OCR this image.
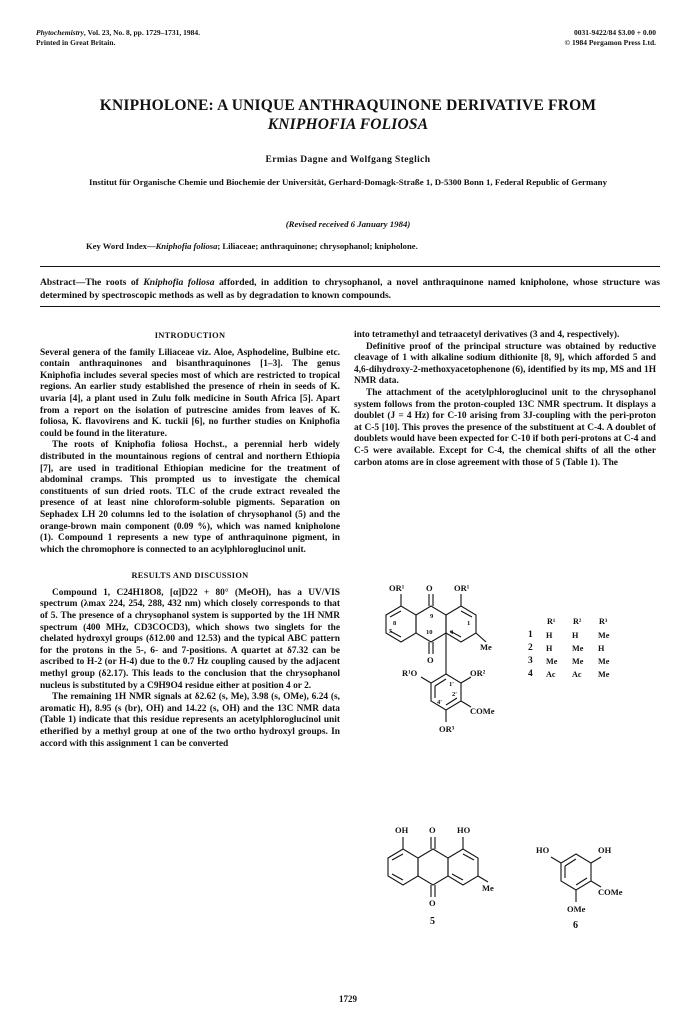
Phytochemistry, Vol. 23, No. 8, pp. 1729–1731, 1984.
Printed in Great Britain.
0031-9422/84 $3.00 + 0.00
© 1984 Pergamon Press Ltd.
KNIPHOLONE: A UNIQUE ANTHRAQUINONE DERIVATIVE FROM
KNIPHOFIA FOLIOSA
Ermias Dagne and Wolfgang Steglich
Institut für Organische Chemie und Biochemie der Universität, Gerhard-Domagk-Straße 1, D-5300 Bonn 1, Federal Republic of Germany
(Revised received 6 January 1984)
Key Word Index—Kniphofia foliosa; Liliaceae; anthraquinone; chrysophanol; knipholone.
Abstract—The roots of Kniphofia foliosa afforded, in addition to chrysophanol, a novel anthraquinone named knipholone, whose structure was determined by spectroscopic methods as well as by degradation to known compounds.
INTRODUCTION

Several genera of the family Liliaceae viz. Aloe, Asphodeline, Bulbine etc. contain anthraquinones and bisanthraquinones [1–3]. The genus Kniphofia includes several species most of which are restricted to tropical regions. An earlier study established the presence of rhein in seeds of K. uvaria [4], a plant used in Zulu folk medicine in South Africa [5]. Apart from a report on the isolation of putrescine amides from leaves of K. foliosa, K. flavovirens and K. tuckii [6], no further studies on Kniphofia could be found in the literature.

The roots of Kniphofia foliosa Hochst., a perennial herb widely distributed in the mountainous regions of central and northern Ethiopia [7], are used in traditional Ethiopian medicine for the treatment of abdominal cramps. This prompted us to investigate the chemical constituents of sun dried roots. TLC of the crude extract revealed the presence of at least nine chloroform-soluble pigments. Separation on Sephadex LH 20 columns led to the isolation of chrysophanol (5) and the orange-brown main component (0.09 %), which was named knipholone (1). Compound 1 represents a new type of anthraquinone pigment, in which the chromophore is connected to an acylphloroglucinol unit.

RESULTS AND DISCUSSION

Compound 1, C24H18O8, [α]D22 + 80° (MeOH), has a UV/VIS spectrum (λmax 224, 254, 288, 432 nm) which closely corresponds to that of 5. The presence of a chrysophanol system is supported by the 1H NMR spectrum (400 MHz, CD3COCD3), which shows two singlets for the chelated hydroxyl groups (δ12.00 and 12.53) and the typical ABC pattern for the protons in the 5-, 6- and 7-positions. A quartet at δ7.32 can be ascribed to H-2 (or H-4) due to the 0.7 Hz coupling caused by the adjacent methyl group (δ2.17). This leads to the conclusion that the chrysophanol nucleus is substituted by a C9H9O4 residue either at position 4 or 2.

The remaining 1H NMR signals at δ2.62 (s, Me), 3.98 (s, OMe), 6.24 (s, aromatic H), 8.95 (s (br), OH) and 14.22 (s, OH) and the 13C NMR data (Table 1) indicate that this residue represents an acetylphloroglucinol unit etherified by a methyl group at one of the two ortho hydroxyl groups. In accord with this assignment 1 can be converted

into tetramethyl and tetraacetyl derivatives (3 and 4, respectively).

Definitive proof of the principal structure was obtained by reductive cleavage of 1 with alkaline sodium dithionite [8, 9], which afforded 5 and 4,6-dihydroxy-2-methoxyacetophenone (6), identified by its mp, MS and 1H NMR data.

The attachment of the acetylphloroglucinol unit to the chrysophanol system follows from the proton-coupled 13C NMR spectrum. It displays a doublet (J = 4 Hz) for C-10 arising from 3J-coupling with the peri-proton at C-5 [10]. This proves the presence of the substituent at C-4. A doublet of doublets would have been expected for C-10 if both peri-protons at C-4 and C-5 were available. Except for C-4, the chemical shifts of all the other carbon atoms are in close agreement with those of 5 (Table 1). The

OR¹	O	OR¹
8
9
1
5	10	4
Me
O
R¹O	OR²
1′
2′
4′
COMe
OR³
	R¹	R²	R³
1	H	H	Me
2	H	Me	H
3	Me	Me	Me
4	Ac	Ac	Me
OH O	HO
Me
O
5
HO	OH
COMe
OMe
6
1729
